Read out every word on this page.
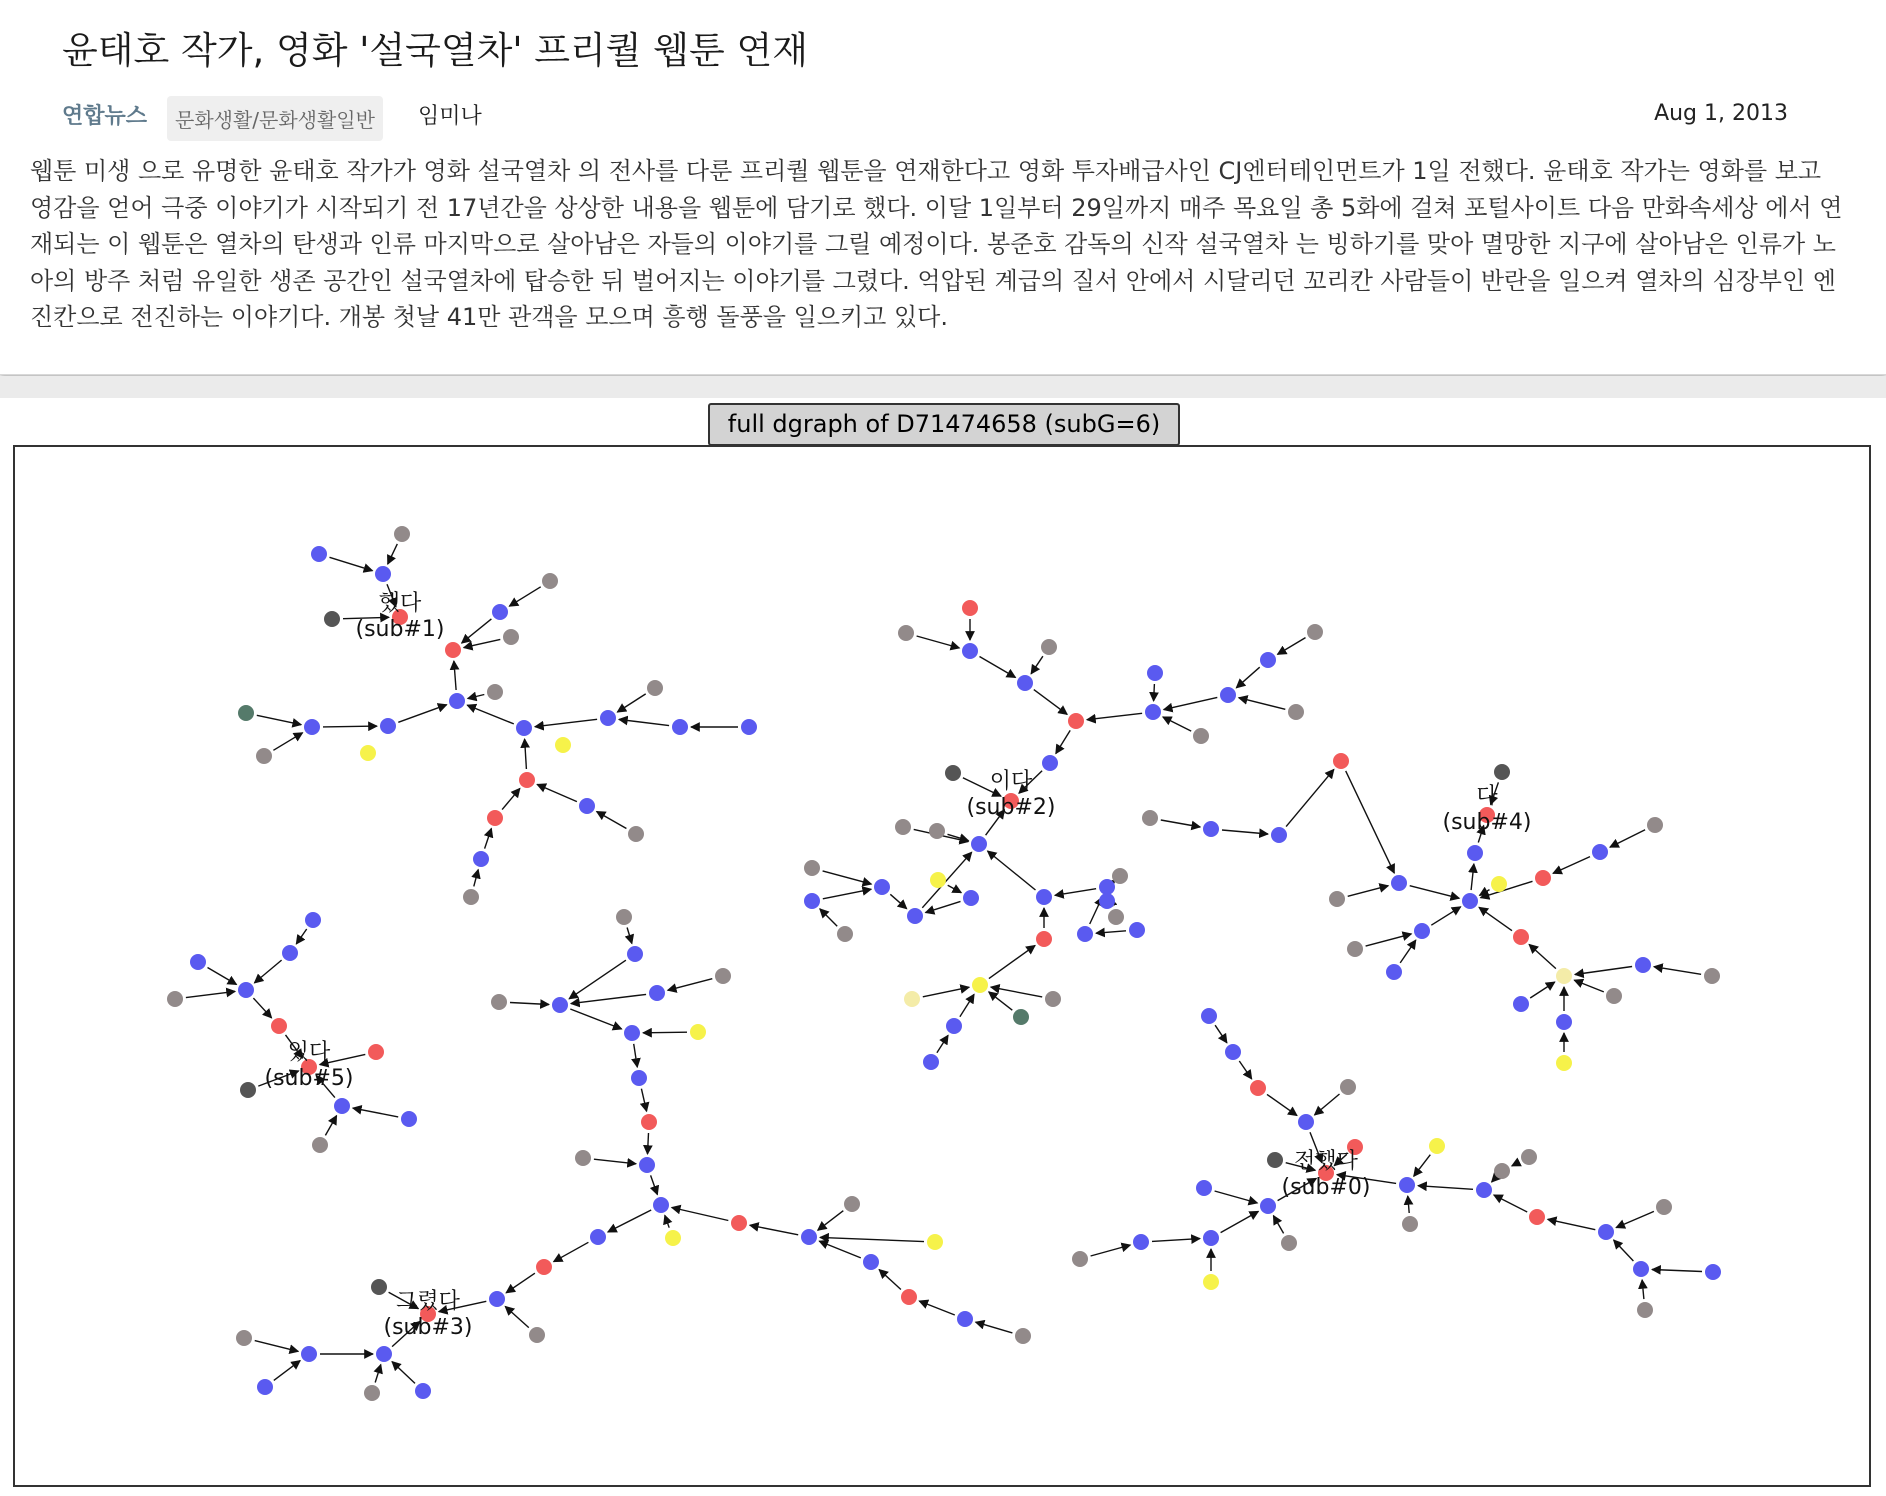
윤태호 작가, 영화 '설국열차' 프리퀄 웹툰 연재
연합뉴스	문화생활/문화생활일반	임미나	Aug 1, 2013
웹툰 미생 으로 유명한 윤태호 작가가 영화 설국열차 의 전사를 다룬 프리퀄 웹툰을 연재한다고 영화 투자배급사인 CJ엔터테인먼트가 1일 전했다. 윤태호 작가는 영화를 보고 영감을 얻어 극중 이야기가 시작되기 전 17년간을 상상한 내용을 웹툰에 담기로 했다. 이달 1일부터 29일까지 매주 목요일 총 5화에 걸쳐 포털사이트 다음 만화속세상 에서 연재되는 이 웹툰은 열차의 탄생과 인류 마지막으로 살아남은 자들의 이야기를 그릴 예정이다. 봉준호 감독의 신작 설국열차 는 빙하기를 맞아 멸망한 지구에 살아남은 인류가 노아의 방주 처럼 유일한 생존 공간인 설국열차에 탑승한 뒤 벌어지는 이야기를 그렸다. 억압된 계급의 질서 안에서 시달리던 꼬리칸 사람들이 반란을 일으켜 열차의 심장부인 엔진칸으로 전진하는 이야기다. 개봉 첫날 41만 관객을 모으며 흥행 돌풍을 일으키고 있다.
full dgraph of D71474658 (subG=6)
했다
(sub#1)
이다
(sub#2)	다
(sub#4)
있다
(sub#5)
그렸다
(sub#3)
전했다
(sub#0)
